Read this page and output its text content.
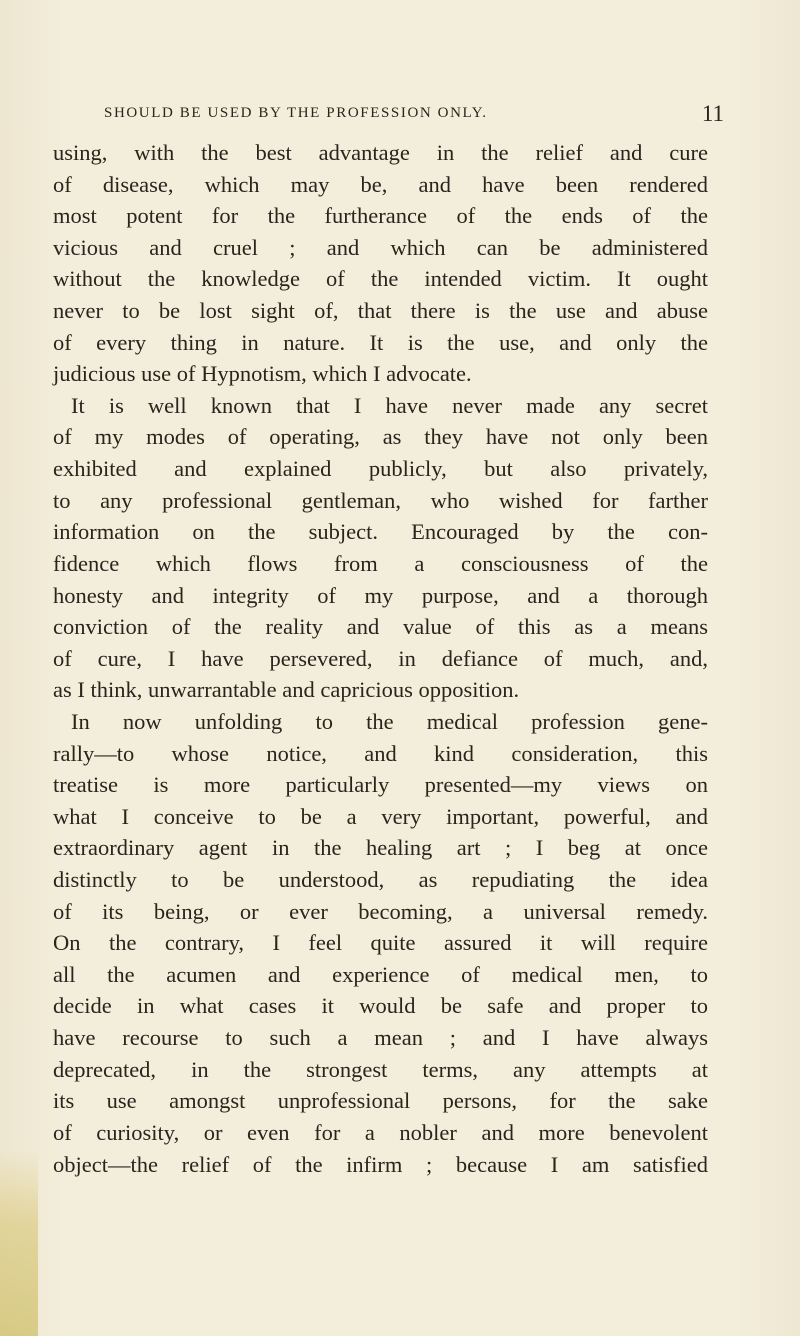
SHOULD BE USED BY THE PROFESSION ONLY.	11
using, with the best advantage in the relief and cure
of disease, which may be, and have been rendered
most potent for the furtherance of the ends of the
vicious and cruel ; and which can be administered
without the knowledge of the intended victim. It ought
never to be lost sight of, that there is the use and abuse
of every thing in nature. It is the use, and only the
judicious use of Hypnotism, which I advocate.
It is well known that I have never made any secret
of my modes of operating, as they have not only been
exhibited and explained publicly, but also privately,
to any professional gentleman, who wished for farther
information on the subject. Encouraged by the con-
fidence which flows from a consciousness of the
honesty and integrity of my purpose, and a thorough
conviction of the reality and value of this as a means
of cure, I have persevered, in defiance of much, and,
as I think, unwarrantable and capricious opposition.
In now unfolding to the medical profession gene-
rally—to whose notice, and kind consideration, this
treatise is more particularly presented—my views on
what I conceive to be a very important, powerful, and
extraordinary agent in the healing art ; I beg at once
distinctly to be understood, as repudiating the idea
of its being, or ever becoming, a universal remedy.
On the contrary, I feel quite assured it will require
all the acumen and experience of medical men, to
decide in what cases it would be safe and proper to
have recourse to such a mean ; and I have always
deprecated, in the strongest terms, any attempts at
its use amongst unprofessional persons, for the sake
of curiosity, or even for a nobler and more benevolent
object—the relief of the infirm ; because I am satisfied
